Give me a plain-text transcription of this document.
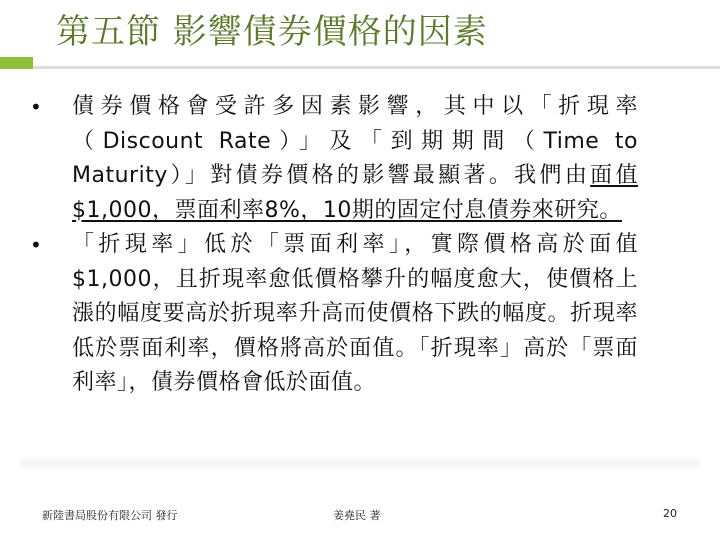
第五節 影響債券價格的因素
•	債券價格會受許多因素影響，其中以「折現率（Discount Rate）」及「到期期間（Time to Maturity）」對債券價格的影響最顯著。我們由面值$1,000，票面利率8%，10期的固定付息債券來研究。
•	「折現率」低於「票面利率」，實際價格高於面值$1,000，且折現率愈低價格攀升的幅度愈大，使價格上漲的幅度要高於折現率升高而使價格下跌的幅度。折現率低於票面利率，價格將高於面值。「折現率」高於「票面利率」，債券價格會低於面值。
新陸書局股份有限公司 發行	姜堯民 著	20
